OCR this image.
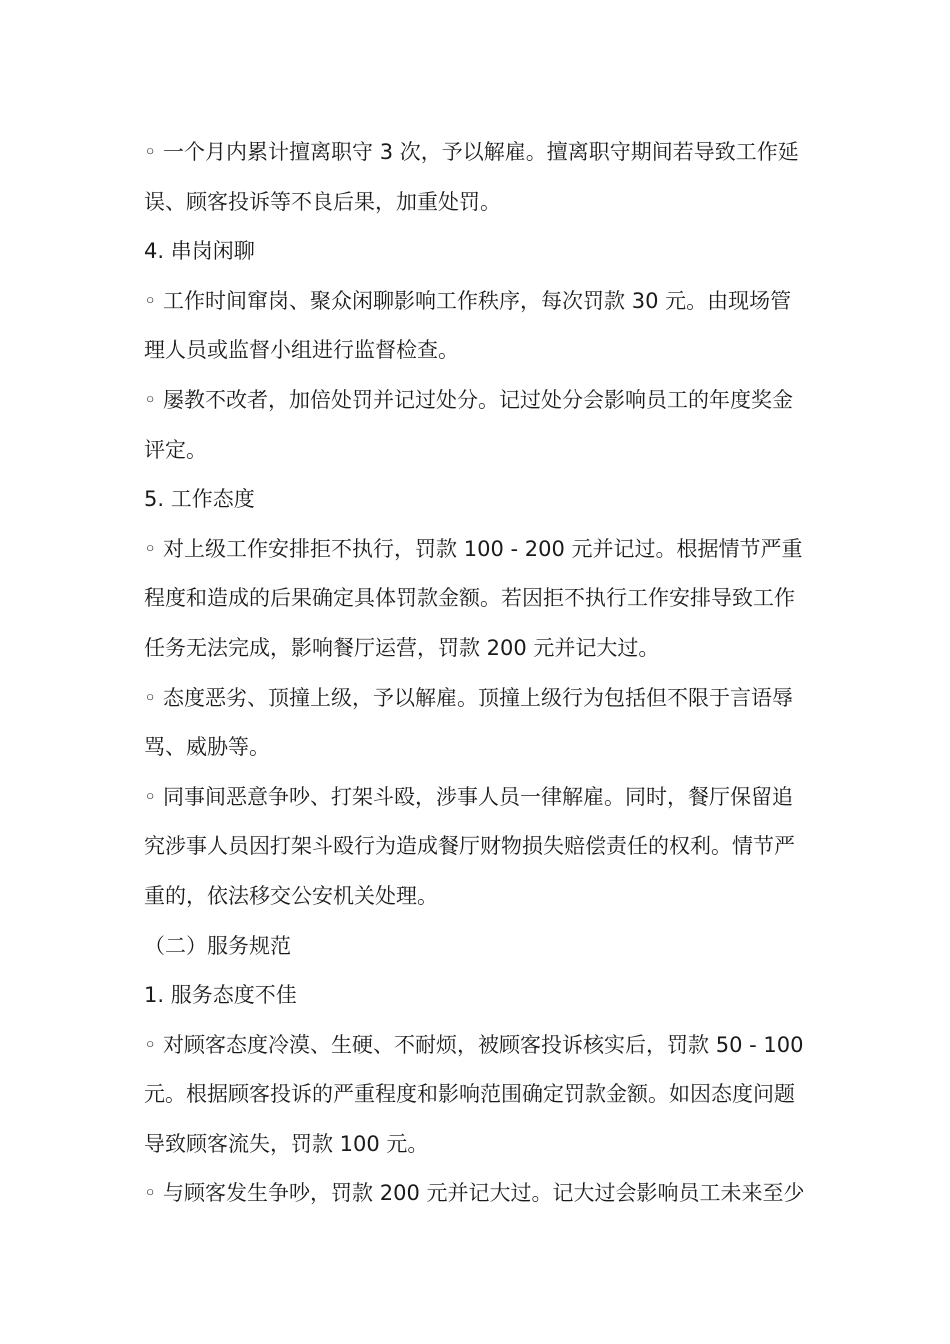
◦ 一个月内累计擅离职守 3 次，予以解雇。擅离职守期间若导致工作延
误、顾客投诉等不良后果，加重处罚。
4. 串岗闲聊
◦ 工作时间窜岗、聚众闲聊影响工作秩序，每次罚款 30 元。由现场管
理人员或监督小组进行监督检查。
◦ 屡教不改者，加倍处罚并记过处分。记过处分会影响员工的年度奖金
评定。
5. 工作态度
◦ 对上级工作安排拒不执行，罚款 100 - 200 元并记过。根据情节严重
程度和造成的后果确定具体罚款金额。若因拒不执行工作安排导致工作
任务无法完成，影响餐厅运营，罚款 200 元并记大过。
◦ 态度恶劣、顶撞上级，予以解雇。顶撞上级行为包括但不限于言语辱
骂、威胁等。
◦ 同事间恶意争吵、打架斗殴，涉事人员一律解雇。同时，餐厅保留追
究涉事人员因打架斗殴行为造成餐厅财物损失赔偿责任的权利。情节严
重的，依法移交公安机关处理。
（二）服务规范
1. 服务态度不佳
◦ 对顾客态度冷漠、生硬、不耐烦，被顾客投诉核实后，罚款 50 - 100
元。根据顾客投诉的严重程度和影响范围确定罚款金额。如因态度问题
导致顾客流失，罚款 100 元。
◦ 与顾客发生争吵，罚款 200 元并记大过。记大过会影响员工未来至少
